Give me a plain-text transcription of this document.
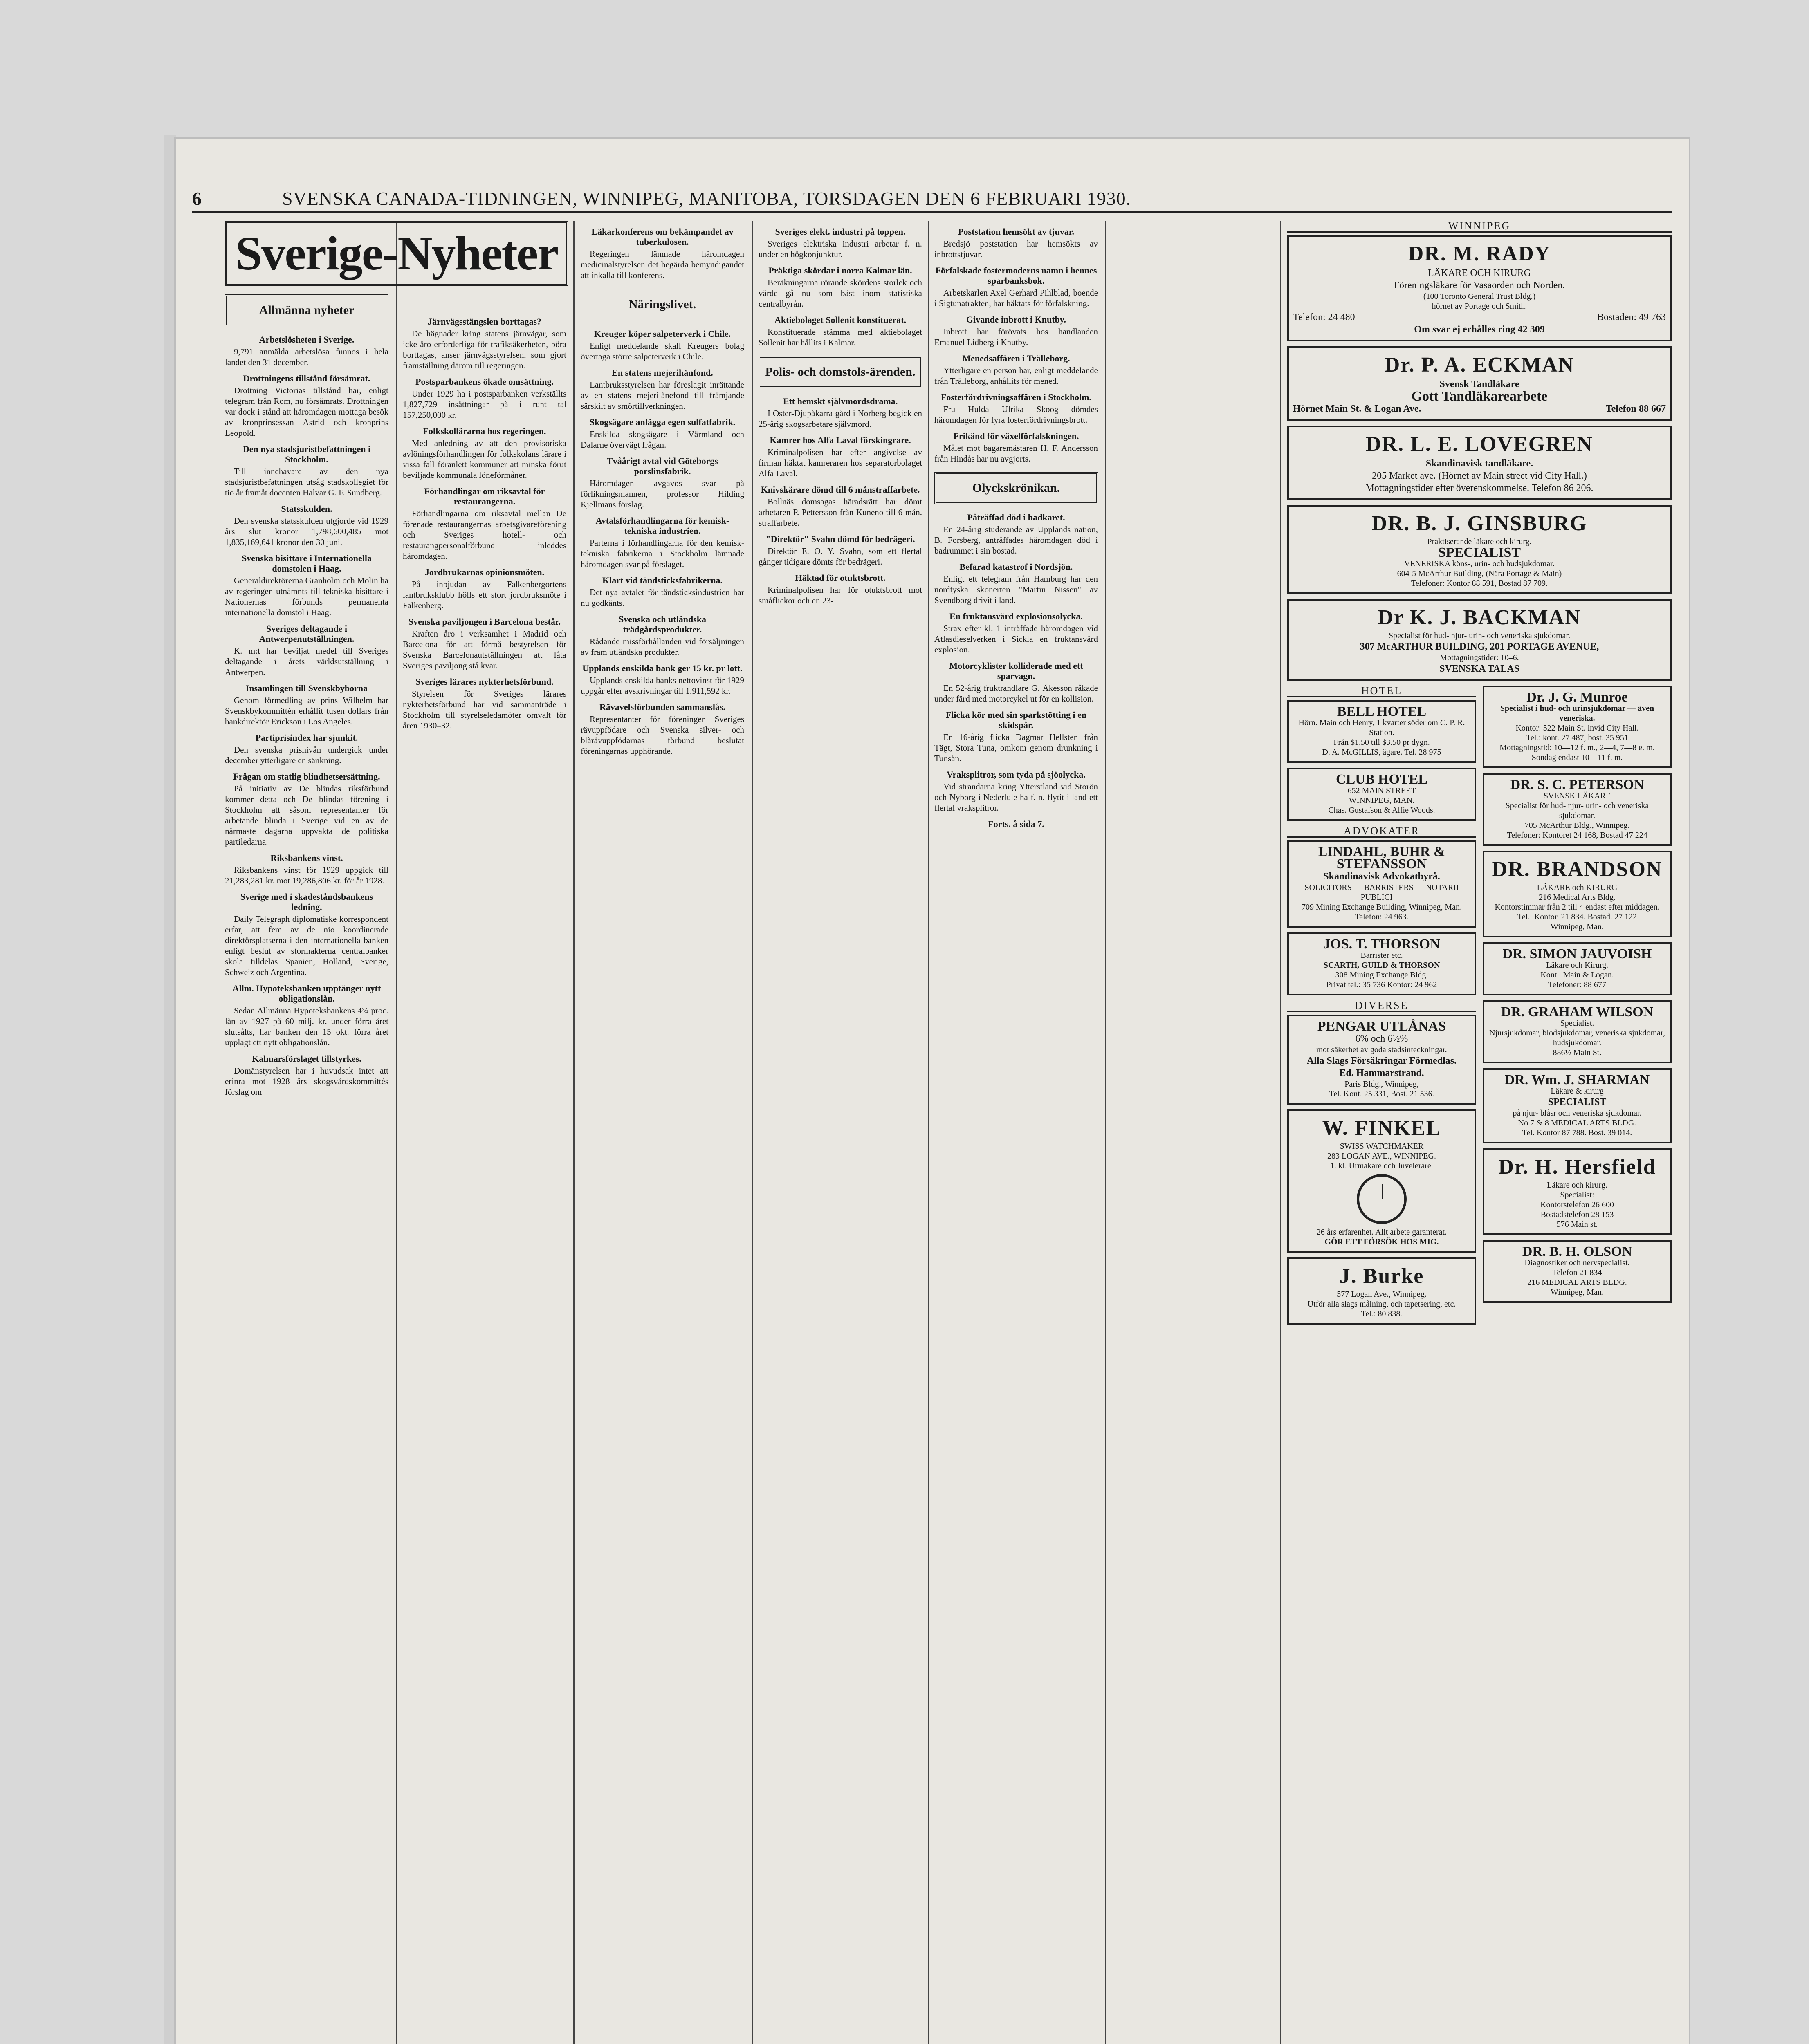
6	SVENSKA CANADA-TIDNINGEN, WINNIPEG, MANITOBA, TORSDAGEN DEN 6 FEBRUARI 1930.
Sverige-Nyheter
Allmänna nyheter
Arbetslösheten i Sverige.

9,791 anmälda arbetslösa funnos i hela landet den 31 december.

Drottningens tillstånd försämrat.

Drottning Victorias tillstånd har, enligt telegram från Rom, nu försämrats. Drottningen var dock i stånd att häromdagen mottaga besök av kronprinsessan Astrid och kronprins Leopold.

Den nya stadsjuristbefattningen i Stockholm.

Till innehavare av den nya stadsjuristbefattningen utsåg stadskollegiet för tio år framåt docenten Halvar G. F. Sundberg.

Statsskulden.

Den svenska statsskulden utgjorde vid 1929 års slut kronor 1,798,600,485 mot 1,835,169,641 kronor den 30 juni.

Svenska bisittare i Internationella domstolen i Haag.

Generaldirektörerna Granholm och Molin ha av regeringen utnämnts till tekniska bisittare i Nationernas förbunds permanenta internationella domstol i Haag.

Sveriges deltagande i Antwerpenutställningen.

K. m:t har beviljat medel till Sveriges deltagande i årets världsutställning i Antwerpen.

Insamlingen till Svenskbyborna

Genom förmedling av prins Wilhelm har Svenskbykommittén erhållit tusen dollars från bankdirektör Erickson i Los Angeles.

Partiprisindex har sjunkit.

Den svenska prisnivån undergick under december ytterligare en sänkning.

Frågan om statlig blindhetsersättning.

På initiativ av De blindas riksförbund kommer detta och De blindas förening i Stockholm att såsom representanter för arbetande blinda i Sverige vid en av de närmaste dagarna uppvakta de politiska partiledarna.

Riksbankens vinst.

Riksbankens vinst för 1929 uppgick till 21,283,281 kr. mot 19,286,806 kr. för år 1928.

Sverige med i skadeståndsbankens ledning.

Daily Telegraph diplomatiske korrespondent erfar, att fem av de nio koordinerade direktörsplatserna i den internationella banken enligt beslut av stormakterna centralbanker skola tilldelas Spanien, Holland, Sverige, Schweiz och Argentina.

Allm. Hypoteksbanken upptänger nytt obligationslån.

Sedan Allmänna Hypoteksbankens 4¾ proc. lån av 1927 på 60 milj. kr. under förra året slutsålts, har banken den 15 okt. förra året upplagt ett nytt obligationslån.

Kalmarsförslaget tillstyrkes.

Domänstyrelsen har i huvudsak intet att erinra mot 1928 års skogsvårdskommittés förslag om

Järnvägsstängslen borttagas?

De hägnader kring statens järnvägar, som icke äro erforderliga för trafiksäkerheten, böra borttagas, anser järnvägsstyrelsen, som gjort framställning därom till regeringen.

Postsparbankens ökade omsättning.

Under 1929 ha i postsparbanken verkställts 1,827,729 insättningar på i runt tal 157,250,000 kr.

Folkskollärarna hos regeringen.

Med anledning av att den provisoriska avlöningsförhandlingen för folkskolans lärare i vissa fall föranlett kommuner att minska förut beviljade kommunala löneförmåner.

Förhandlingar om riksavtal för restaurangerna.

Förhandlingarna om riksavtal mellan De förenade restaurangernas arbetsgivareförening och Sveriges hotell- och restaurangpersonalförbund inleddes häromdagen.

Jordbrukarnas opinionsmöten.

På inbjudan av Falkenbergortens lantbruksklubb hölls ett stort jordbruksmöte i Falkenberg.

Svenska paviljongen i Barcelona består.

Kraften åro i verksamhet i Madrid och Barcelona för att förmå bestyrelsen för Svenska Barcelonautställningen att låta Sveriges paviljong stå kvar.

Sveriges lärares nykterhetsförbund.

Styrelsen för Sveriges lärares nykterhetsförbund har vid sammanträde i Stockholm till styrelseledamöter omvalt för åren 1930–32.

Läkarkonferens om bekämpandet av tuberkulosen.

Regeringen lämnade häromdagen medicinalstyrelsen det begärda bemyndigandet att inkalla till konferens.

Näringslivet.
Kreuger köper salpeterverk i Chile.

Enligt meddelande skall Kreugers bolag övertaga större salpeterverk i Chile.

En statens mejerihänfond.

Lantbruksstyrelsen har föreslagit inrättande av en statens mejerilånefond till främjande särskilt av smörtillverkningen.

Skogsägare anlägga egen sulfatfabrik.

Enskilda skogsägare i Värmland och Dalarne övervägt frågan.

Tvåårigt avtal vid Göteborgs porslinsfabrik.

Häromdagen avgavos svar på förlikningsmannen, professor Hilding Kjellmans förslag.

Avtalsförhandlingarna för kemisk-tekniska industrien.

Parterna i förhandlingarna för den kemisk-tekniska fabrikerna i Stockholm lämnade häromdagen svar på förslaget.

Klart vid tändsticksfabrikerna.

Det nya avtalet för tändsticksindustrien har nu godkänts.

Svenska och utländska trädgårdsprodukter.

Rådande missförhållanden vid försäljningen av fram utländska produkter.

Upplands enskilda bank ger 15 kr. pr lott.

Upplands enskilda banks nettovinst för 1929 uppgår efter avskrivningar till 1,911,592 kr.

Rävavelsförbunden sammanslås.

Representanter för föreningen Sveriges rävuppfödare och Svenska silver- och blårävuppfödarnas förbund beslutat föreningarnas upphörande.

Sveriges elekt. industri på toppen.

Sveriges elektriska industri arbetar f. n. under en högkonjunktur.

Präktiga skördar i norra Kalmar län.

Beräkningarna rörande skördens storlek och värde gå nu som bäst inom statistiska centralbyrån.

Aktiebolaget Sollenit konstituerat.

Konstituerade stämma med aktiebolaget Sollenit har hållits i Kalmar.

Polis- och domstols-ärenden.
Ett hemskt självmordsdrama.

I Oster-Djupåkarra gård i Norberg begick en 25-årig skogsarbetare självmord.

Kamrer hos Alfa Laval förskingrare.

Kriminalpolisen har efter angivelse av firman häktat kamreraren hos separatorbolaget Alfa Laval.

Knivskärare dömd till 6 månstraffarbete.

Bollnäs domsagas häradsrätt har dömt arbetaren P. Pettersson från Kuneno till 6 mån. straffarbete.

"Direktör" Svahn dömd för bedrägeri.

Direktör E. O. Y. Svahn, som ett flertal gånger tidigare dömts för bedrägeri.

Häktad för otuktsbrott.

Kriminalpolisen har för otuktsbrott mot småflickor och en 23-

Poststation hemsökt av tjuvar.

Bredsjö poststation har hemsökts av inbrottstjuvar.

Förfalskade fostermoderns namn i hennes sparbanksbok.

Arbetskarlen Axel Gerhard Pihlblad, boende i Sigtunatrakten, har häktats för förfalskning.

Givande inbrott i Knutby.

Inbrott har förövats hos handlanden Emanuel Lidberg i Knutby.

Menedsaffären i Trälleborg.

Ytterligare en person har, enligt meddelande från Trälleborg, anhållits för mened.

Fosterfördrivningsaffären i Stockholm.

Fru Hulda Ulrika Skoog dömdes häromdagen för fyra fosterfördrivningsbrott.

Frikänd för växelförfalskningen.

Målet mot bagaremästaren H. F. Andersson från Hindås har nu avgjorts.

Olyckskrönikan.
Påträffad död i badkaret.

En 24-årig studerande av Upplands nation, B. Forsberg, anträffades häromdagen död i badrummet i sin bostad.

Befarad katastrof i Nordsjön.

Enligt ett telegram från Hamburg har den nordtyska skonerten "Martin Nissen" av Svendborg drivit i land.

En fruktansvärd explosionsolycka.

Strax efter kl. 1 inträffade häromdagen vid Atlasdieselverken i Sickla en fruktansvärd explosion.

Motorcyklister kolliderade med ett sparvagn.

En 52-årig fruktrandlare G. Åkesson råkade under färd med motorcykel ut för en kollision.

Flicka kör med sin sparkstötting i en skidspår.

En 16-årig flicka Dagmar Hellsten från Tägt, Stora Tuna, omkom genom drunkning i Tunsän.

Vraksplitror, som tyda på sjöolycka.

Vid strandarna kring Ytterstland vid Storön och Nyborg i Nederlule ha f. n. flytit i land ett flertal vraksplitror.

Forts. å sida 7.
WINNIPEG
DR. M. RADY
LÄKARE OCH KIRURG
Föreningsläkare för Vasaorden och Norden.
(100 Toronto General Trust Bldg.)
hörnet av Portage och Smith.
Telefon: 24 480	Bostaden: 49 763
Om svar ej erhålles ring 42 309
Dr. P. A. ECKMAN
Svensk Tandläkare
Gott Tandläkarearbete
Hörnet Main St. & Logan Ave.	Telefon 88 667
DR. L. E. LOVEGREN
Skandinavisk tandläkare.
205 Market ave. (Hörnet av Main street vid City Hall.)
Mottagningstider efter överenskommelse. Telefon 86 206.
DR. B. J. GINSBURG
Praktiserande läkare och kirurg.
SPECIALIST
VENERISKA köns-, urin- och hudsjukdomar.
604-5 McArthur Building, (Nära Portage & Main)
Telefoner: Kontor 88 591, Bostad 87 709.
Dr K. J. BACKMAN
Specialist för hud- njur- urin- och veneriska sjukdomar.
307 McARTHUR BUILDING, 201 PORTAGE AVENUE,
Mottagningstider: 10–6.
SVENSKA TALAS
HOTEL
BELL HOTEL
Hörn. Main och Henry, 1 kvarter söder om C. P. R. Station.
Från $1.50 till $3.50 pr dygn.
D. A. McGILLIS, ägare. Tel. 28 975
CLUB HOTEL
652 MAIN STREET
WINNIPEG, MAN.
Chas. Gustafson & Alfie Woods.
ADVOKATER
LINDAHL, BUHR & STEFANSSON
Skandinavisk Advokatbyrå.
SOLICITORS — BARRISTERS — NOTARII PUBLICI —
709 Mining Exchange Building, Winnipeg, Man.
Telefon: 24 963.
JOS. T. THORSON
Barrister etc.
SCARTH, GUILD & THORSON
308 Mining Exchange Bldg.
Privat tel.: 35 736 Kontor: 24 962
DIVERSE
PENGAR UTLÅNAS
6% och 6½%
mot säkerhet av goda stadsinteckningar.
Alla Slags Försäkringar Förmedlas.
Ed. Hammarstrand.
Paris Bldg., Winnipeg,
Tel. Kont. 25 331, Bost. 21 536.
W. FINKEL
SWISS WATCHMAKER
283 LOGAN AVE., WINNIPEG.
1. kl. Urmakare och Juvelerare.
26 års erfarenhet. Allt arbete garanterat.
GÖR ETT FÖRSÖK HOS MIG.
J. Burke
577 Logan Ave., Winnipeg.
Utför alla slags målning, och tapetsering, etc.
Tel.: 80 838.
Dr. J. G. Munroe
Specialist i hud- och urinsjukdomar — även veneriska.
Kontor: 522 Main St. invid City Hall.
Tel.: kont. 27 487, bost. 35 951
Mottagningstid: 10—12 f. m., 2—4, 7—8 e. m.
Söndag endast 10—11 f. m.
DR. S. C. PETERSON
SVENSK LÄKARE
Specialist för hud- njur- urin- och veneriska sjukdomar.
705 McArthur Bldg., Winnipeg.
Telefoner: Kontoret 24 168, Bostad 47 224
DR. BRANDSON
LÄKARE och KIRURG
216 Medical Arts Bldg.
Kontorstimmar från 2 till 4 endast efter middagen.
Tel.: Kontor. 21 834. Bostad. 27 122
Winnipeg, Man.
DR. SIMON JAUVOISH
Läkare och Kirurg.
Kont.: Main & Logan.
Telefoner: 88 677
DR. GRAHAM WILSON
Specialist.
Njursjukdomar, blodsjukdomar, veneriska sjukdomar, hudsjukdomar.
886½ Main St.
DR. Wm. J. SHARMAN
Läkare & kirurg
SPECIALIST
på njur- blåsr och veneriska sjukdomar.
No 7 & 8 MEDICAL ARTS BLDG.
Tel. Kontor 87 788. Bost. 39 014.
Dr. H. Hersfield
Läkare och kirurg.
Specialist:
Kontorstelefon 26 600
Bostadstelefon 28 153
576 Main st.
DR. B. H. OLSON
Diagnostiker och nervspecialist.
Telefon 21 834
216 MEDICAL ARTS BLDG.
Winnipeg, Man.
